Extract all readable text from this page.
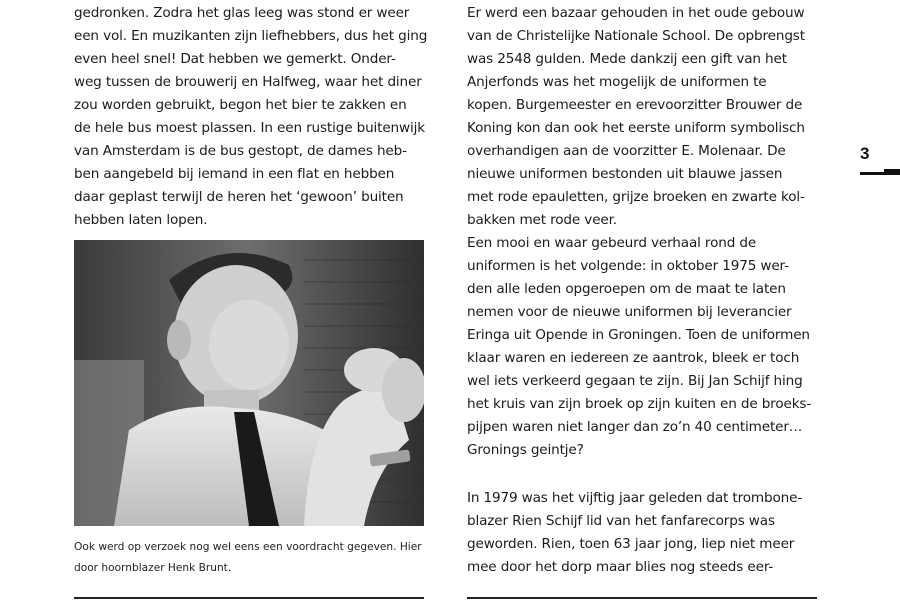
gedronken. Zodra het glas leeg was stond er weer
een vol. En muzikanten zijn liefhebbers, dus het ging
even heel snel! Dat hebben we gemerkt. Onder-
weg tussen de brouwerij en Halfweg, waar het diner
zou worden gebruikt, begon het bier te zakken en
de hele bus moest plassen. In een rustige buitenwijk
van Amsterdam is de bus gestopt, de dames heb-
ben aangebeld bij iemand in een flat en hebben
daar geplast terwijl de heren het ‘gewoon’ buiten
hebben laten lopen.
Ook werd op verzoek nog wel eens een voordracht gegeven. Hier
door hoornblazer Henk Brunt.
Er werd een bazaar gehouden in het oude gebouw
van de Christelijke Nationale School. De opbrengst
was 2548 gulden. Mede dankzij een gift van het
Anjerfonds was het mogelijk de uniformen te
kopen. Burgemeester en erevoorzitter Brouwer de
Koning kon dan ook het eerste uniform symbolisch
overhandigen aan de voorzitter E. Molenaar. De
nieuwe uniformen bestonden uit blauwe jassen
met rode epauletten, grijze broeken en zwarte kol-
bakken met rode veer.
Een mooi en waar gebeurd verhaal rond de
uniformen is het volgende: in oktober 1975 wer-
den alle leden opgeroepen om de maat te laten
nemen voor de nieuwe uniformen bij leverancier
Eringa uit Opende in Groningen. Toen de uniformen
klaar waren en iedereen ze aantrok, bleek er toch
wel iets verkeerd gegaan te zijn. Bij Jan Schijf hing
het kruis van zijn broek op zijn kuiten en de broeks-
pijpen waren niet langer dan zo’n 40 centimeter…
Gronings geintje?
In 1979 was het vijftig jaar geleden dat trombone-
blazer Rien Schijf lid van het fanfarecorps was
geworden. Rien, toen 63 jaar jong, liep niet meer
mee door het dorp maar blies nog steeds eer-
3
